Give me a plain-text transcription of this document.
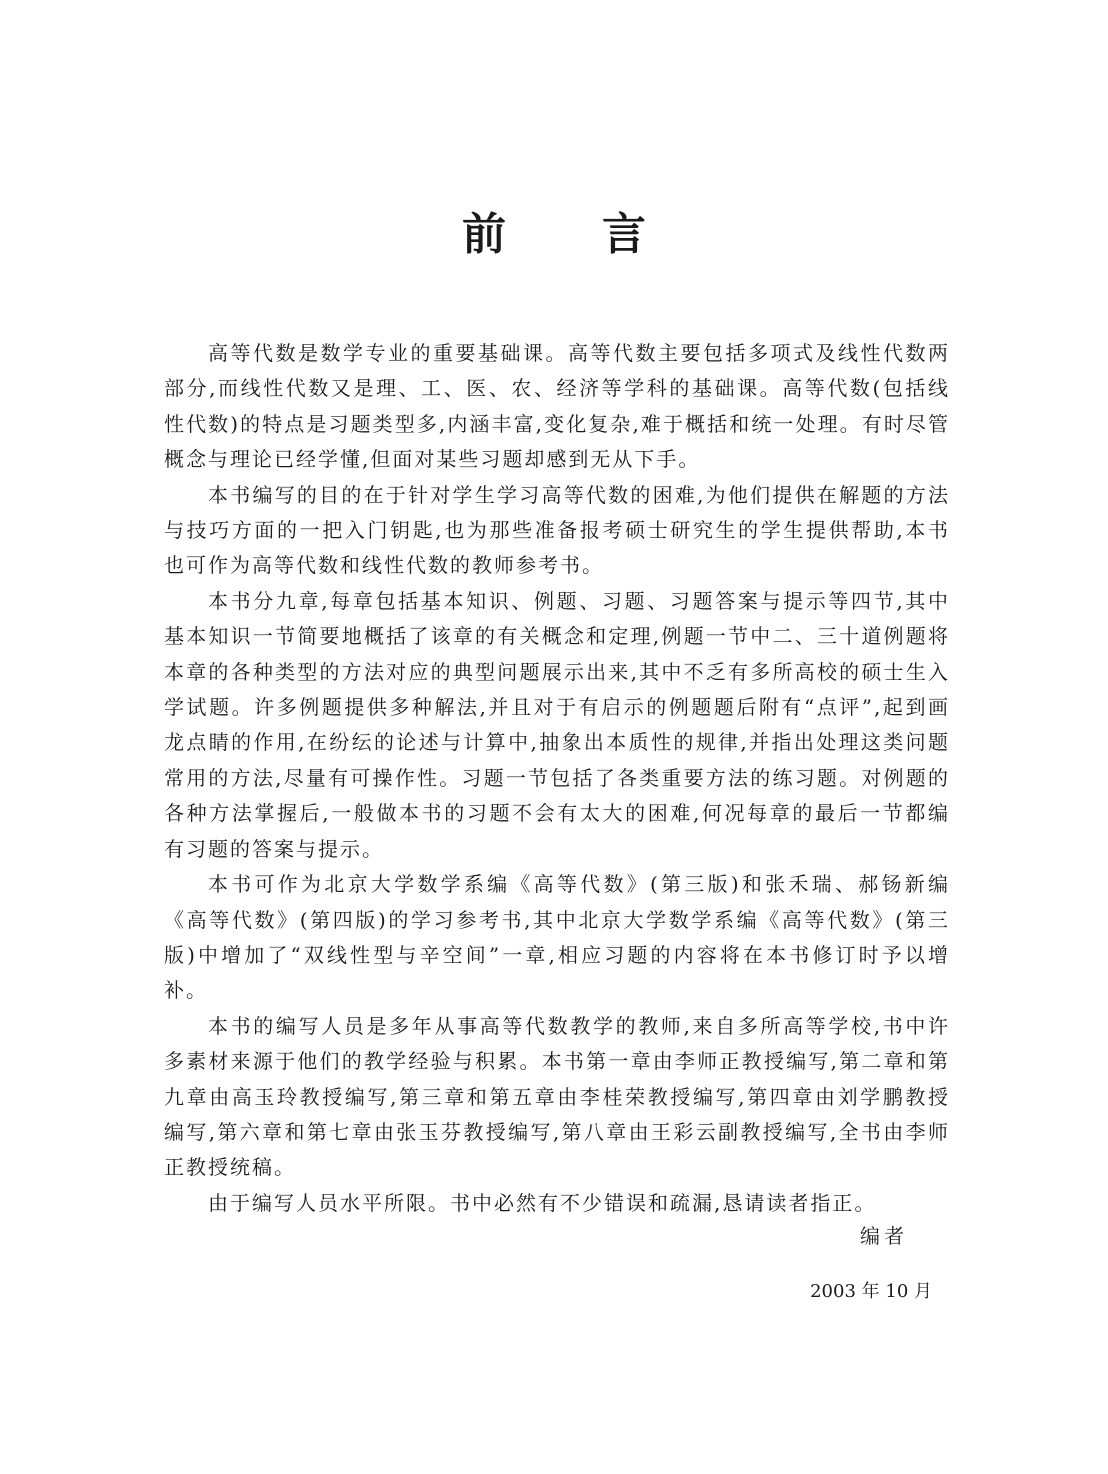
前言

高等代数是数学专业的重要基础课。高等代数主要包括多项式及线性代数两部分,而线性代数又是理、工、医、农、经济等学科的基础课。高等代数(包括线性代数)的特点是习题类型多,内涵丰富,变化复杂,难于概括和统一处理。有时尽管概念与理论已经学懂,但面对某些习题却感到无从下手。

本书编写的目的在于针对学生学习高等代数的困难,为他们提供在解题的方法与技巧方面的一把入门钥匙,也为那些准备报考硕士研究生的学生提供帮助,本书也可作为高等代数和线性代数的教师参考书。

本书分九章,每章包括基本知识、例题、习题、习题答案与提示等四节,其中基本知识一节简要地概括了该章的有关概念和定理,例题一节中二、三十道例题将本章的各种类型的方法对应的典型问题展示出来,其中不乏有多所高校的硕士生入学试题。许多例题提供多种解法,并且对于有启示的例题题后附有“点评”,起到画龙点睛的作用,在纷纭的论述与计算中,抽象出本质性的规律,并指出处理这类问题常用的方法,尽量有可操作性。习题一节包括了各类重要方法的练习题。对例题的各种方法掌握后,一般做本书的习题不会有太大的困难,何况每章的最后一节都编有习题的答案与提示。

本书可作为北京大学数学系编《高等代数》(第三版)和张禾瑞、郝钖新编《高等代数》(第四版)的学习参考书,其中北京大学数学系编《高等代数》(第三版)中增加了“双线性型与辛空间”一章,相应习题的内容将在本书修订时予以增补。

本书的编写人员是多年从事高等代数教学的教师,来自多所高等学校,书中许多素材来源于他们的教学经验与积累。本书第一章由李师正教授编写,第二章和第九章由高玉玲教授编写,第三章和第五章由李桂荣教授编写,第四章由刘学鹏教授编写,第六章和第七章由张玉芬教授编写,第八章由王彩云副教授编写,全书由李师正教授统稿。

由于编写人员水平所限。书中必然有不少错误和疏漏,恳请读者指正。

编者
2003 年 10 月
